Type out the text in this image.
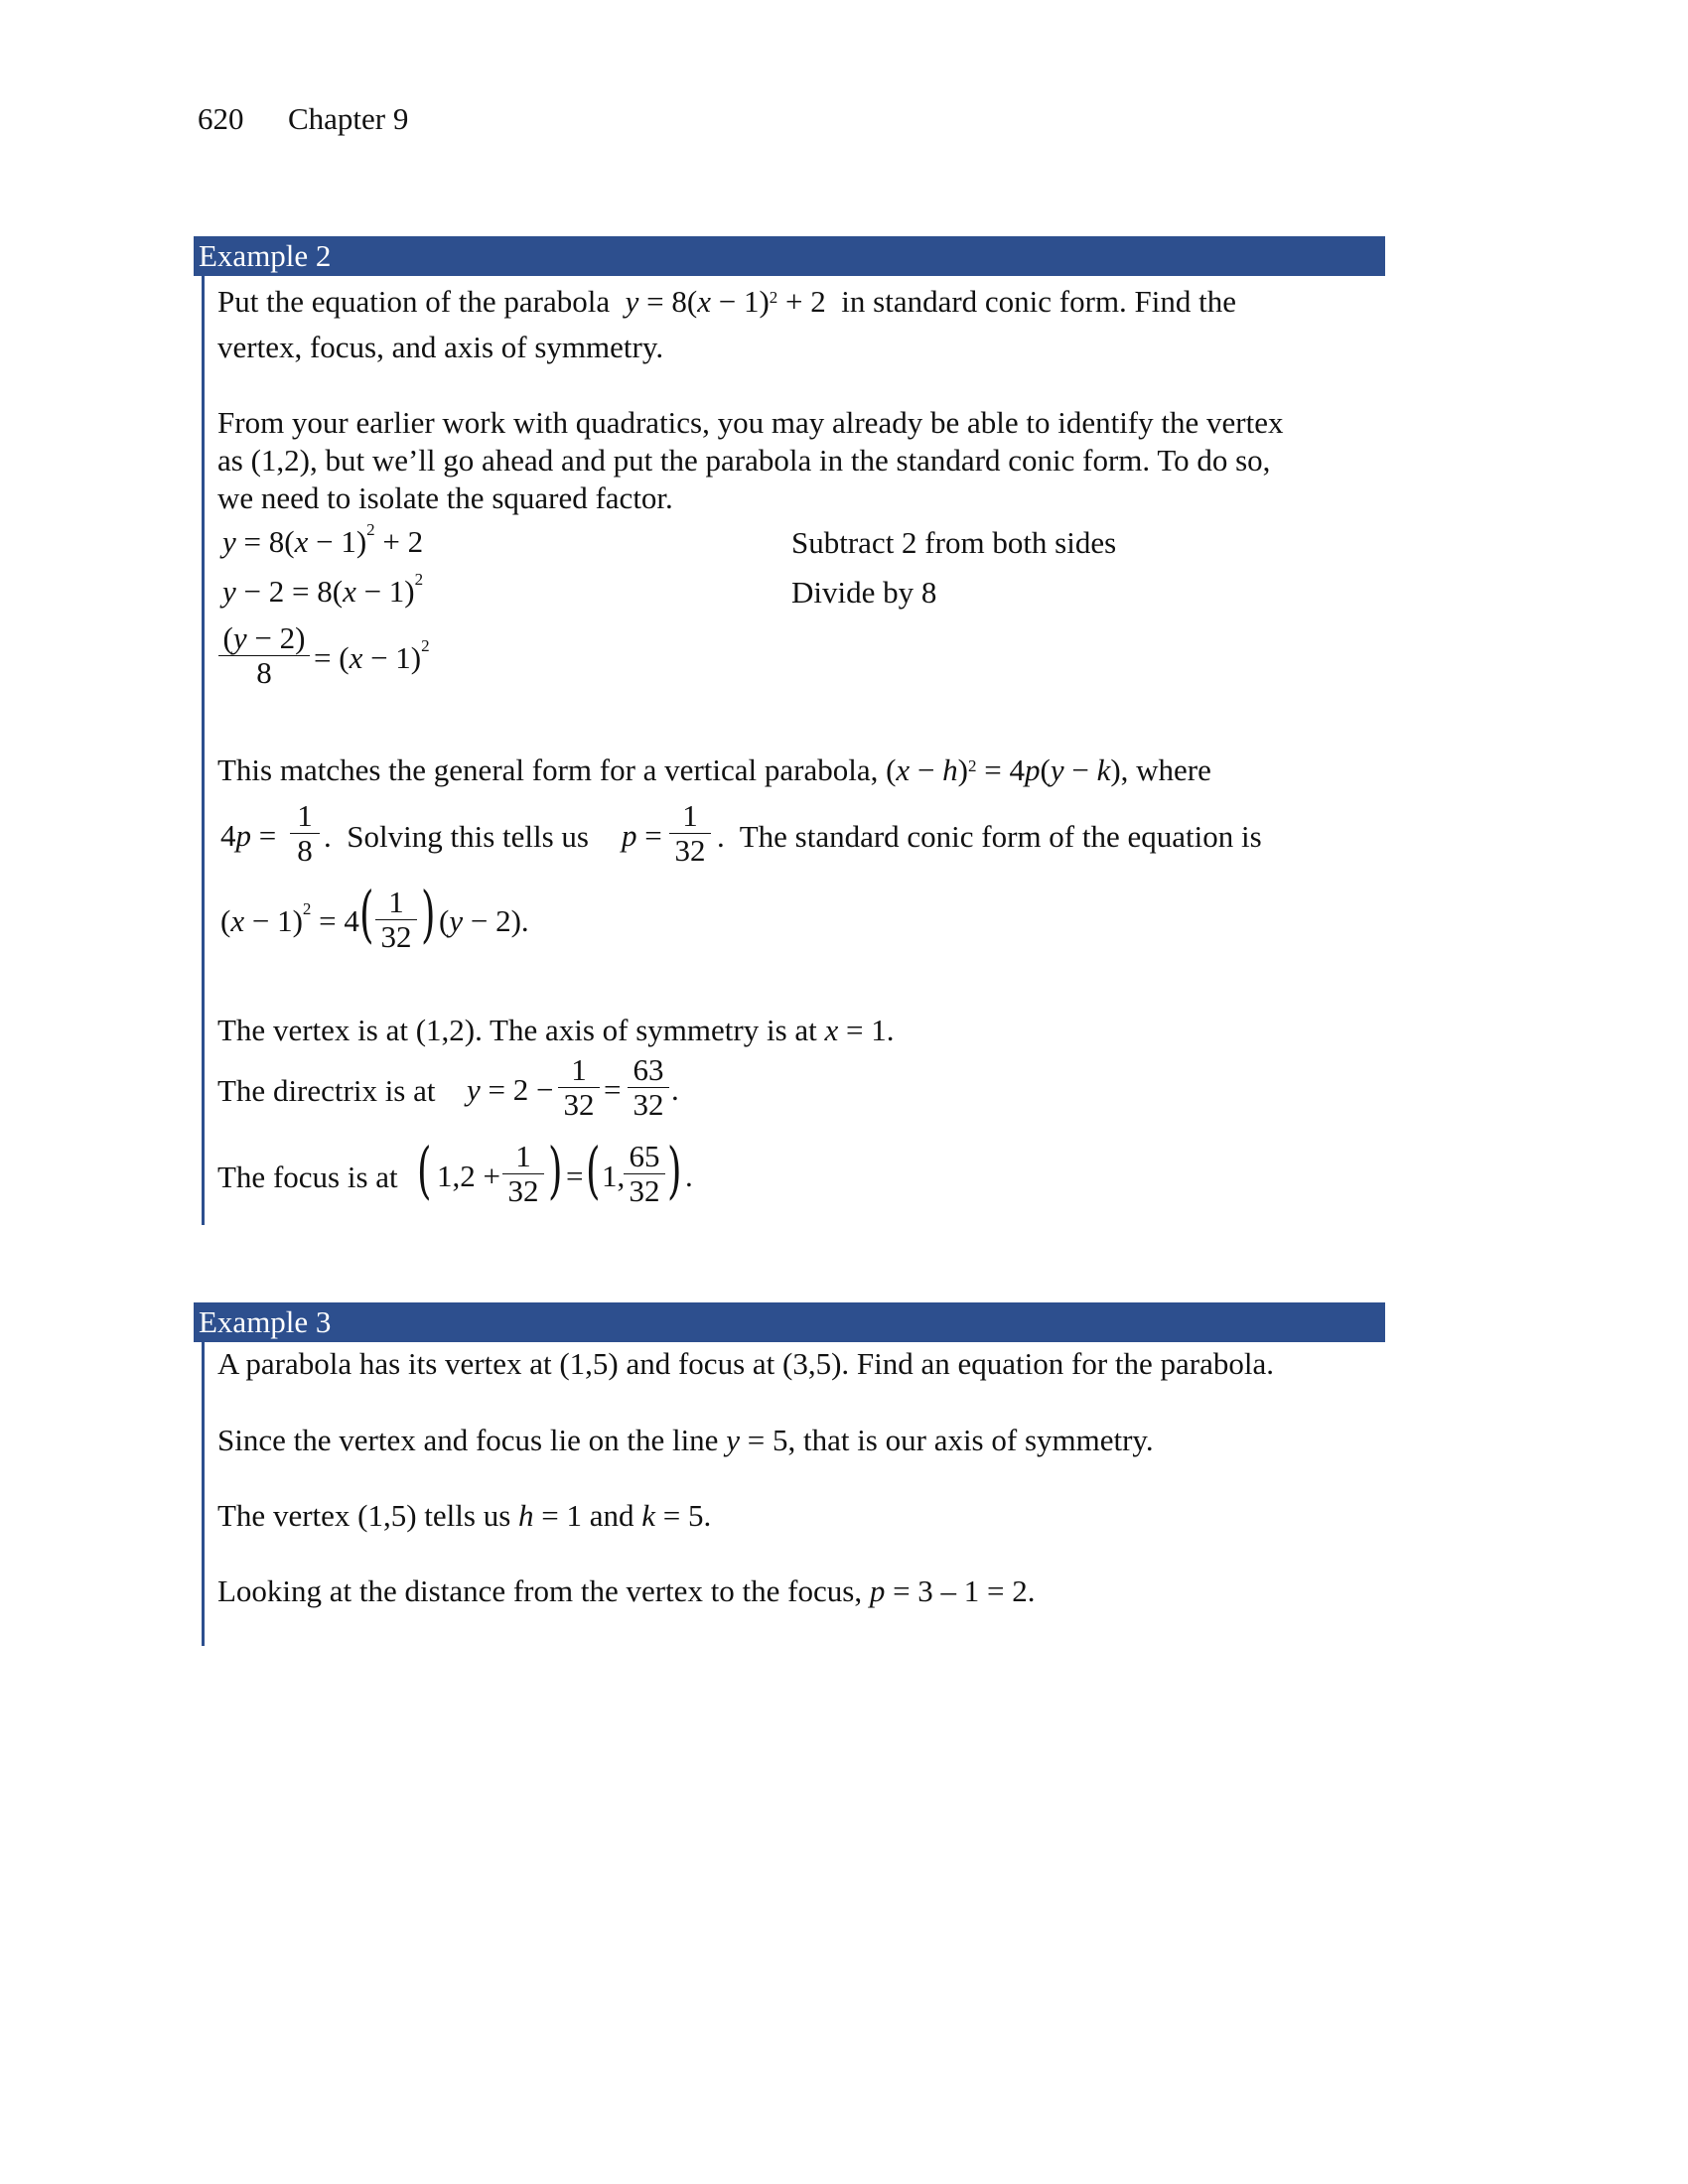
620 Chapter 9
Example 2
Put the equation of the parabola $y = 8(x - 1)^2 + 2$  in standard conic form. Find the
vertex, focus, and axis of symmetry.
From your earlier work with quadratics, you may already be able to identify the vertex
as (1,2), but we’ll go ahead and put the parabola in the standard conic form. To do so,
we need to isolate the squared factor.
$y = 8(x - 1)^2 + 2$	Subtract 2 from both sides
$y - 2 = 8(x - 1)^2$	Divide by 8
$\frac{(y - 2)}{8} = (x - 1)^2$
This matches the general form for a vertical parabola, $(x - h)^2 = 4p(y - k)$, where
$4p = \frac{1}{8}$ .  Solving this tells us $p = \frac{1}{32}$ .  The standard conic form of the equation is
$(x - 1)^2 = 4$ ( $\frac{1}{32}$ ) (y − 2).
The vertex is at (1,2). The axis of symmetry is at x = 1.
The directrix is at $y = 2 - \frac{1}{32} = \frac{63}{32}$ .
The focus is at ( $1,2 + \frac{1}{32}$ ) = ( 1,
$\frac{65}{32}$ ) .
Example 3
A parabola has its vertex at (1,5) and focus at (3,5). Find an equation for the parabola.
Since the vertex and focus lie on the line y = 5, that is our axis of symmetry.
The vertex (1,5) tells us h = 1 and k = 5.
Looking at the distance from the vertex to the focus, p = 3 – 1 = 2.
